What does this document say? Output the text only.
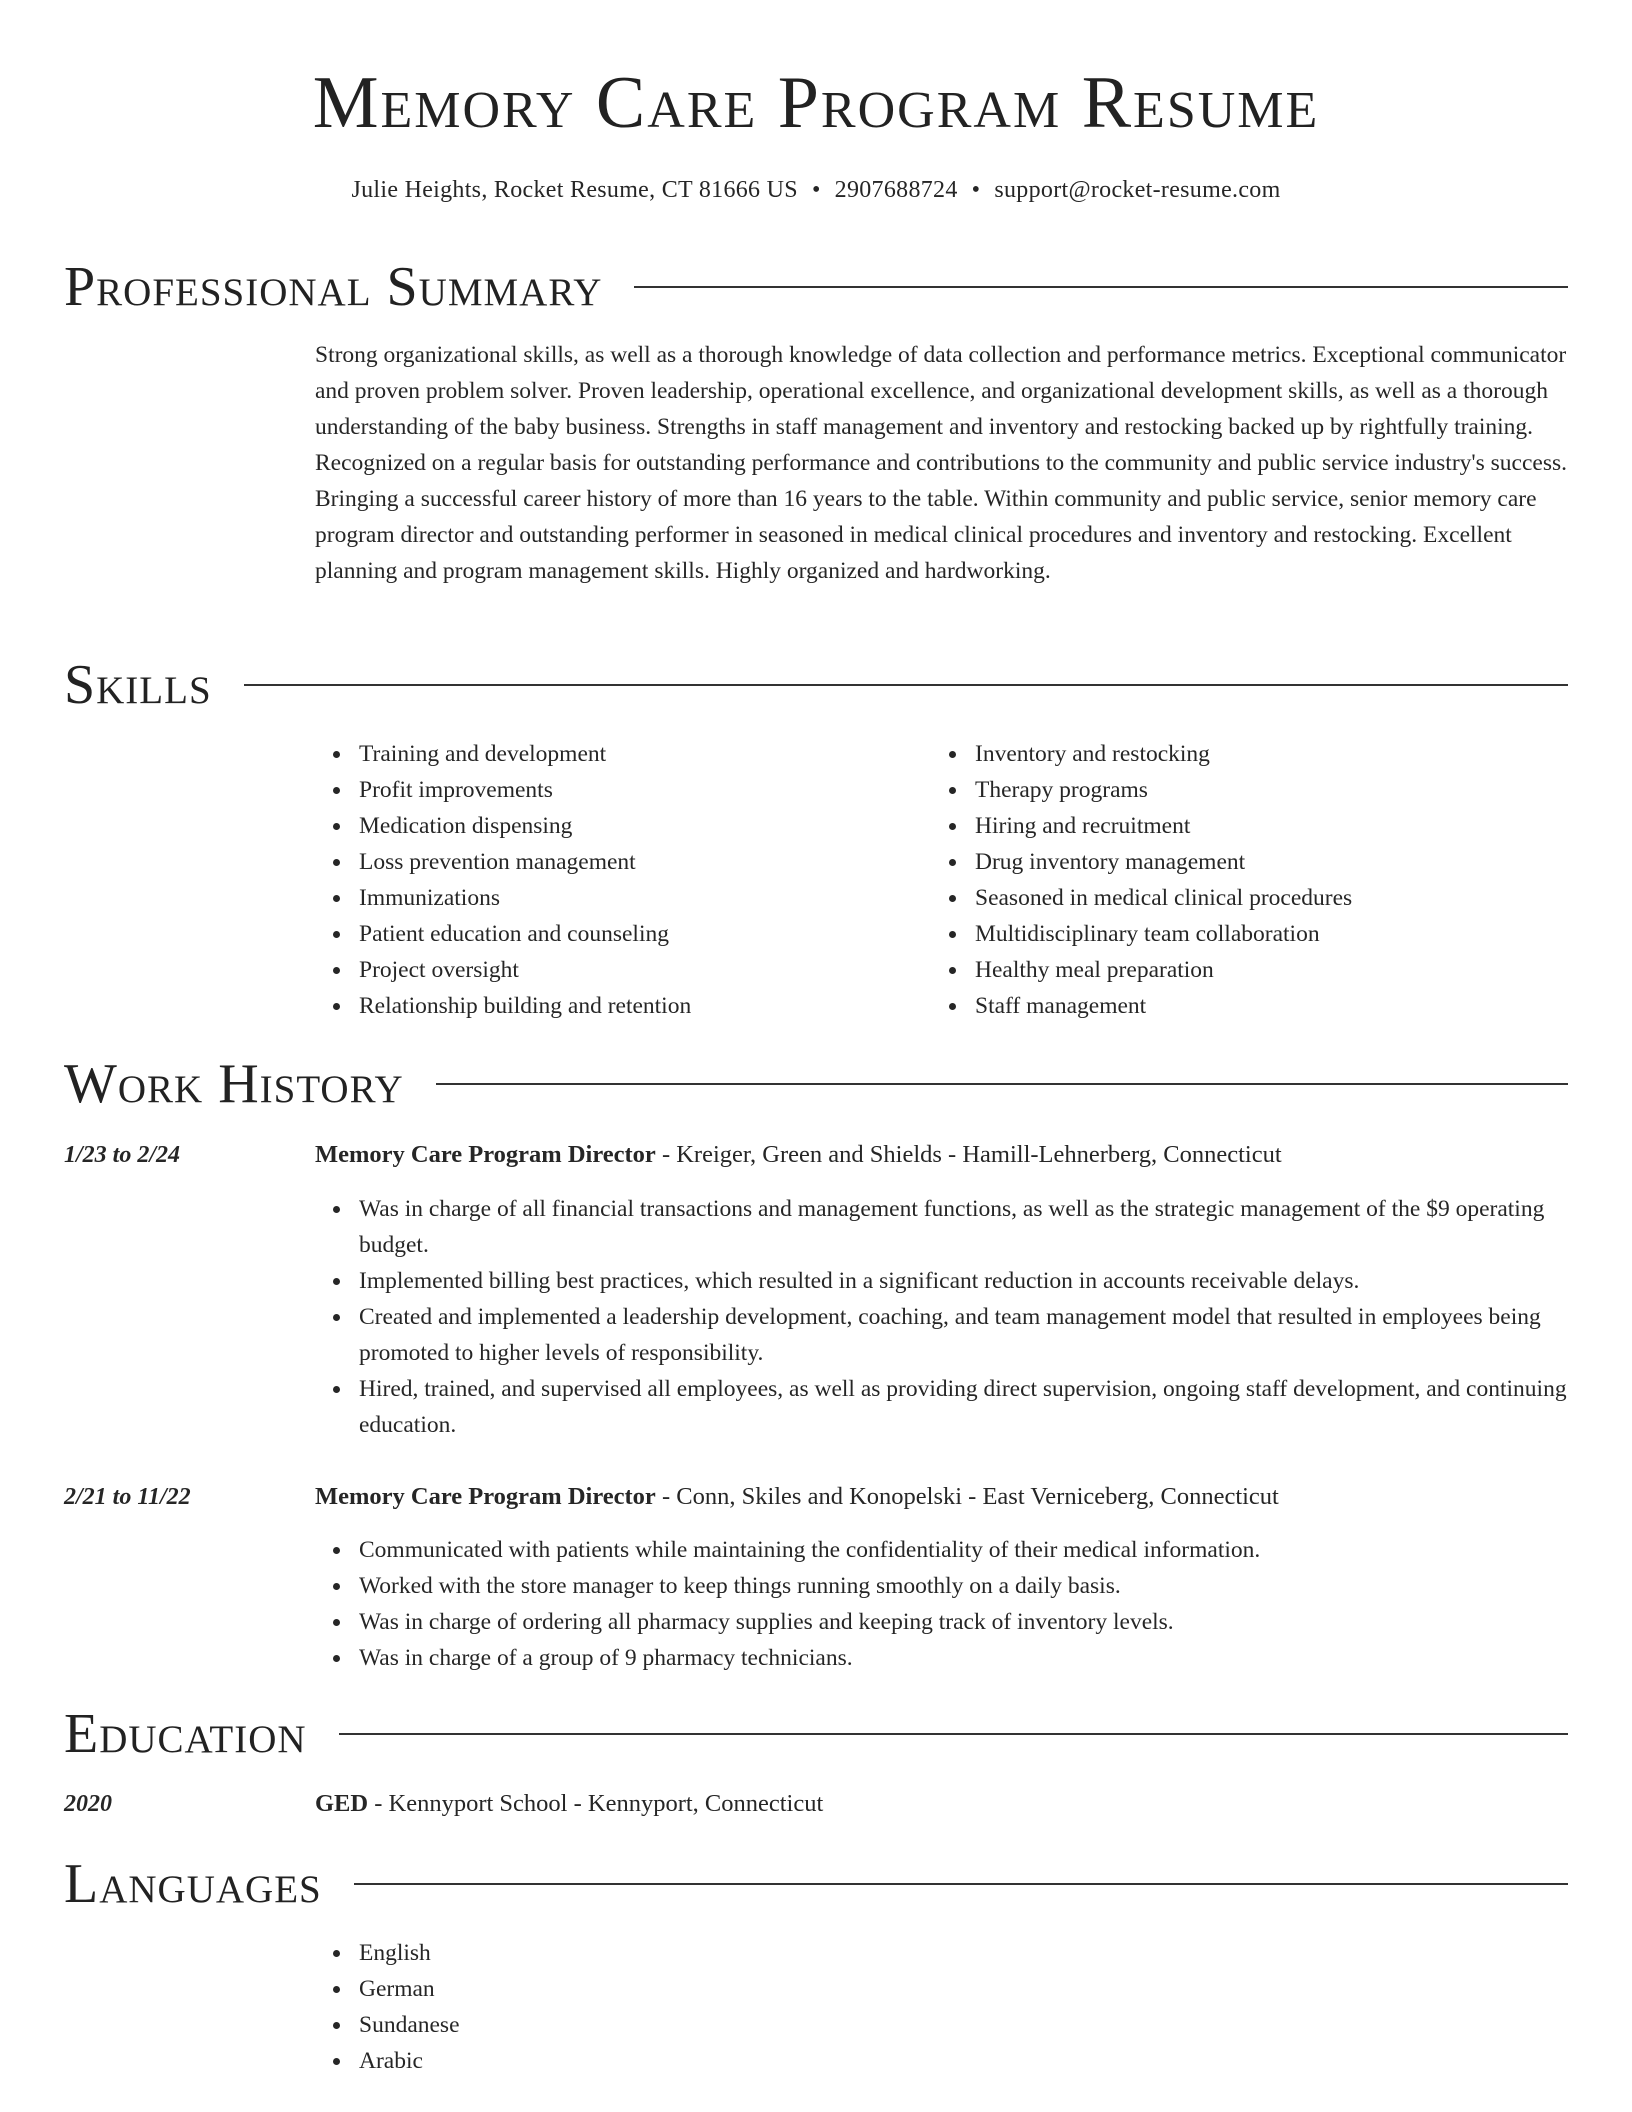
Memory Care Program Resume
Julie Heights, Rocket Resume, CT 81666 US • 2907688724 • support@rocket-resume.com
Professional Summary

Strong organizational skills, as well as a thorough knowledge of data collection and performance metrics. Exceptional communicator and proven problem solver. Proven leadership, operational excellence, and organizational development skills, as well as a thorough understanding of the baby business. Strengths in staff management and inventory and restocking backed up by rightfully training. Recognized on a regular basis for outstanding performance and contributions to the community and public service industry's success. Bringing a successful career history of more than 16 years to the table. Within community and public service, senior memory care program director and outstanding performer in seasoned in medical clinical procedures and inventory and restocking. Excellent planning and program management skills. Highly organized and hardworking.

Skills
Training and development
Profit improvements
Medication dispensing
Loss prevention management
Immunizations
Patient education and counseling
Project oversight
Relationship building and retention
Inventory and restocking
Therapy programs
Hiring and recruitment
Drug inventory management
Seasoned in medical clinical procedures
Multidisciplinary team collaboration
Healthy meal preparation
Staff management
Work History
1/23 to 2/24	Memory Care Program Director - Kreiger, Green and Shields - Hamill-Lehnerberg, Connecticut
Was in charge of all financial transactions and management functions, as well as the strategic management of the $9 operating budget.
Implemented billing best practices, which resulted in a significant reduction in accounts receivable delays.
Created and implemented a leadership development, coaching, and team management model that resulted in employees being promoted to higher levels of responsibility.
Hired, trained, and supervised all employees, as well as providing direct supervision, ongoing staff development, and continuing education.
2/21 to 11/22	Memory Care Program Director - Conn, Skiles and Konopelski - East Verniceberg, Connecticut
Communicated with patients while maintaining the confidentiality of their medical information.
Worked with the store manager to keep things running smoothly on a daily basis.
Was in charge of ordering all pharmacy supplies and keeping track of inventory levels.
Was in charge of a group of 9 pharmacy technicians.
Education
2020	GED - Kennyport School - Kennyport, Connecticut
Languages
English
German
Sundanese
Arabic
